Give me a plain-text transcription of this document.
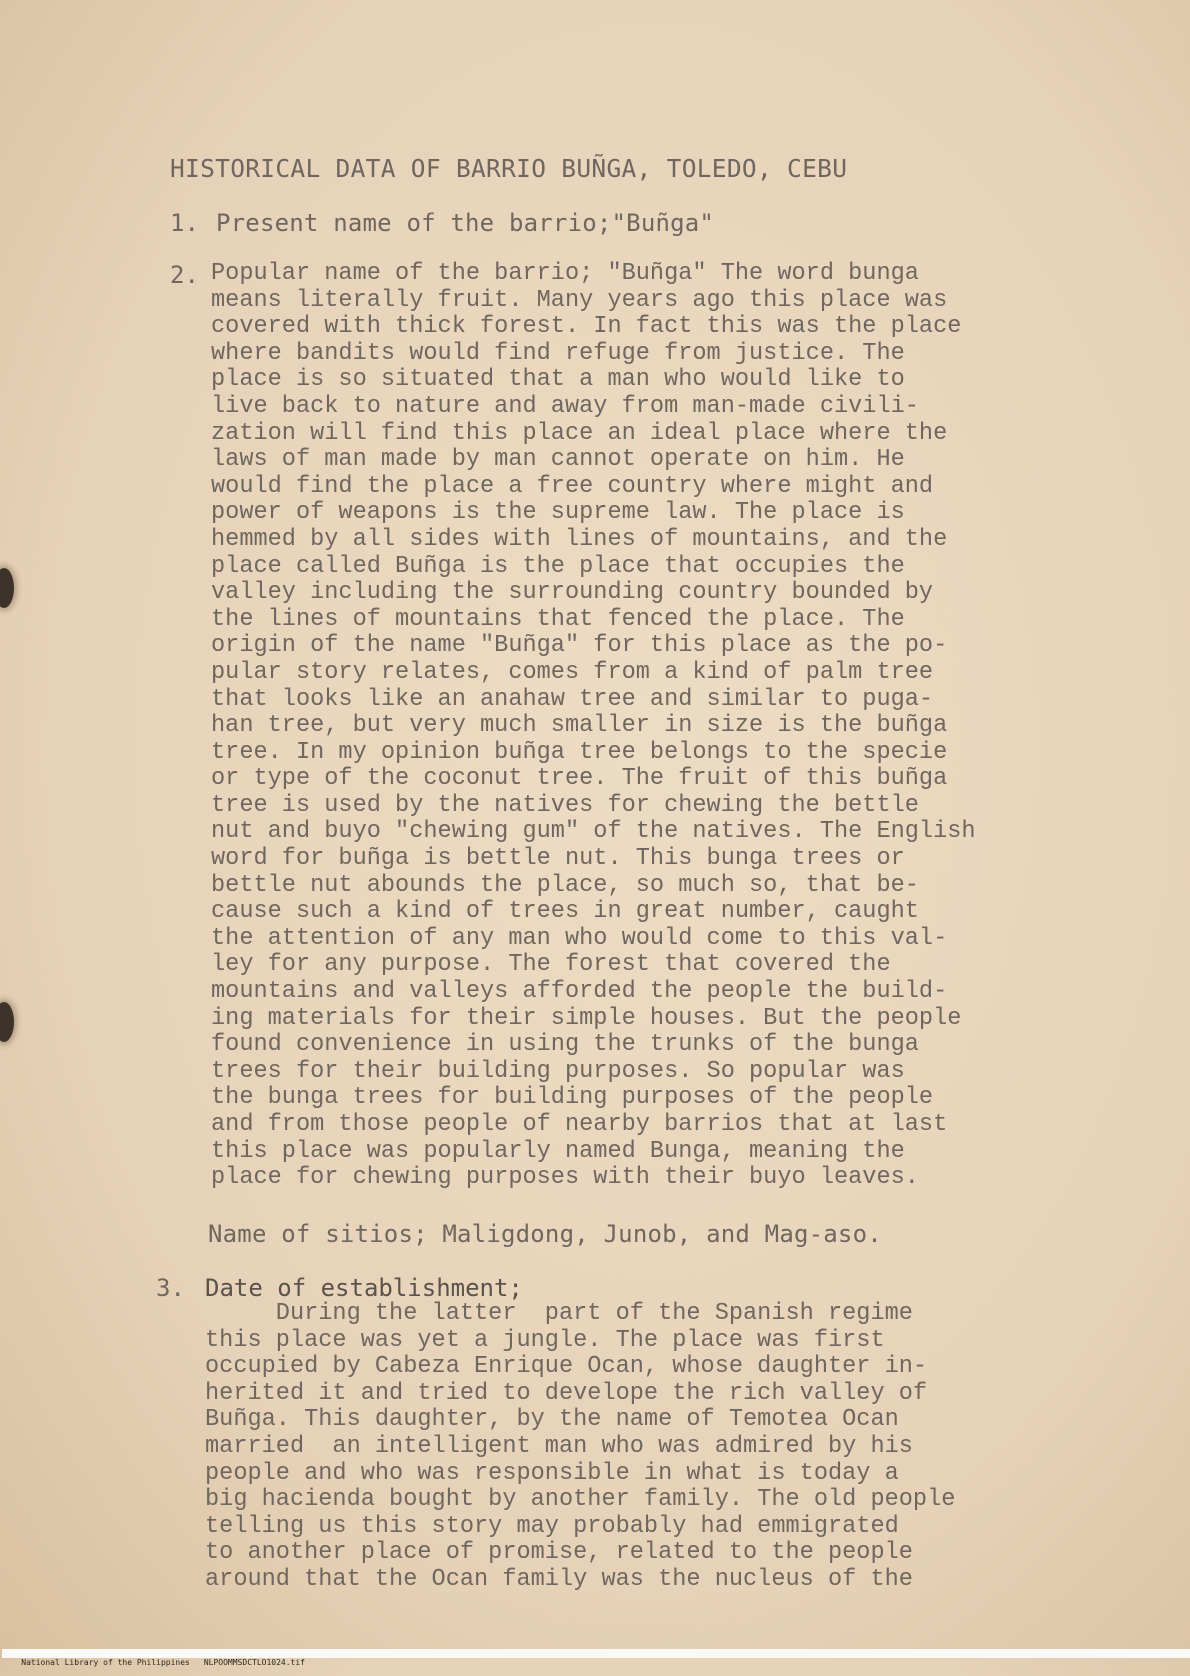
HISTORICAL DATA OF BARRIO BUÑGA, TOLEDO, CEBU
1. Present name of the barrio;"Buñga"
2. Popular name of the barrio; "Buñga" The word bunga
means literally fruit. Many years ago this place was
covered with thick forest. In fact this was the place
where bandits would find refuge from justice. The
place is so situated that a man who would like to
live back to nature and away from man-made civili-
zation will find this place an ideal place where the
laws of man made by man cannot operate on him. He
would find the place a free country where might and
power of weapons is the supreme law. The place is
hemmed by all sides with lines of mountains, and the
place called Buñga is the place that occupies the
valley including the surrounding country bounded by
the lines of mountains that fenced the place. The
origin of the name "Buñga" for this place as the po-
pular story relates, comes from a kind of palm tree
that looks like an anahaw tree and similar to puga-
han tree, but very much smaller in size is the buñga
tree. In my opinion buñga tree belongs to the specie
or type of the coconut tree. The fruit of this buñga
tree is used by the natives for chewing the bettle
nut and buyo "chewing gum" of the natives. The English
word for buñga is bettle nut. This bunga trees or
bettle nut abounds the place, so much so, that be-
cause such a kind of trees in great number, caught
the attention of any man who would come to this val-
ley for any purpose. The forest that covered the
mountains and valleys afforded the people the build-
ing materials for their simple houses. But the people
found convenience in using the trunks of the bunga
trees for their building purposes. So popular was
the bunga trees for building purposes of the people
and from those people of nearby barrios that at last
this place was popularly named Bunga, meaning the
place for chewing purposes with their buyo leaves.
Name of sitios; Maligdong, Junob, and Mag-aso.
3. Date of establishment;
During the latter  part of the Spanish regime
this place was yet a jungle. The place was first
occupied by Cabeza Enrique Ocan, whose daughter in-
herited it and tried to develope the rich valley of
Buñga. This daughter, by the name of Temotea Ocan
married  an intelligent man who was admired by his
people and who was responsible in what is today a
big hacienda bought by another family. The old people
telling us this story may probably had emmigrated
to another place of promise, related to the people
around that the Ocan family was the nucleus of the

National Library of the Philippines NLPOOMMSDCTLO1024.tif
